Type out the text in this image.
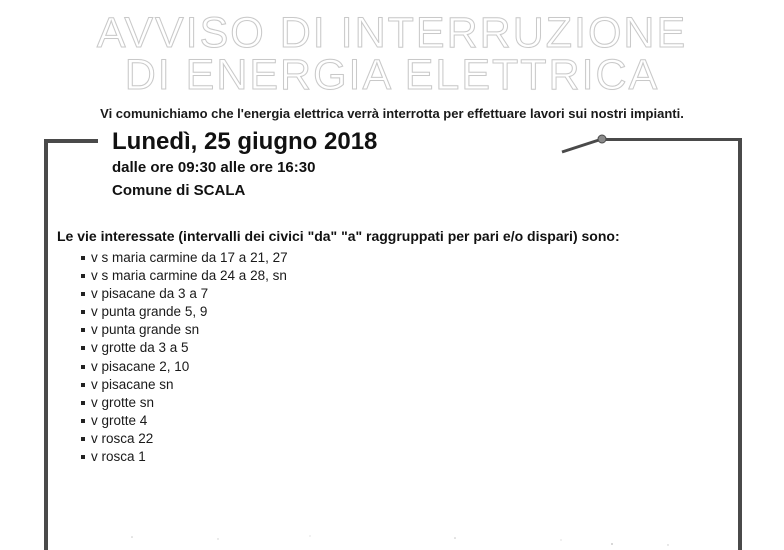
AVVISO DI INTERRUZIONE
DI ENERGIA ELETTRICA

Vi comunichiamo che l'energia elettrica verrà interrotta per effettuare lavori sui nostri impianti.

Lunedì, 25 giugno 2018

dalle ore 09:30 alle ore 16:30

Comune di SCALA

Le vie interessate (intervalli dei civici "da" "a" raggruppati per pari e/o dispari) sono:

v s maria carmine da 17 a 21, 27
v s maria carmine da 24 a 28, sn
v pisacane da 3 a 7
v punta grande 5, 9
v punta grande sn
v grotte da 3 a 5
v pisacane 2, 10
v pisacane sn
v grotte sn
v grotte 4
v rosca 22
v rosca 1
